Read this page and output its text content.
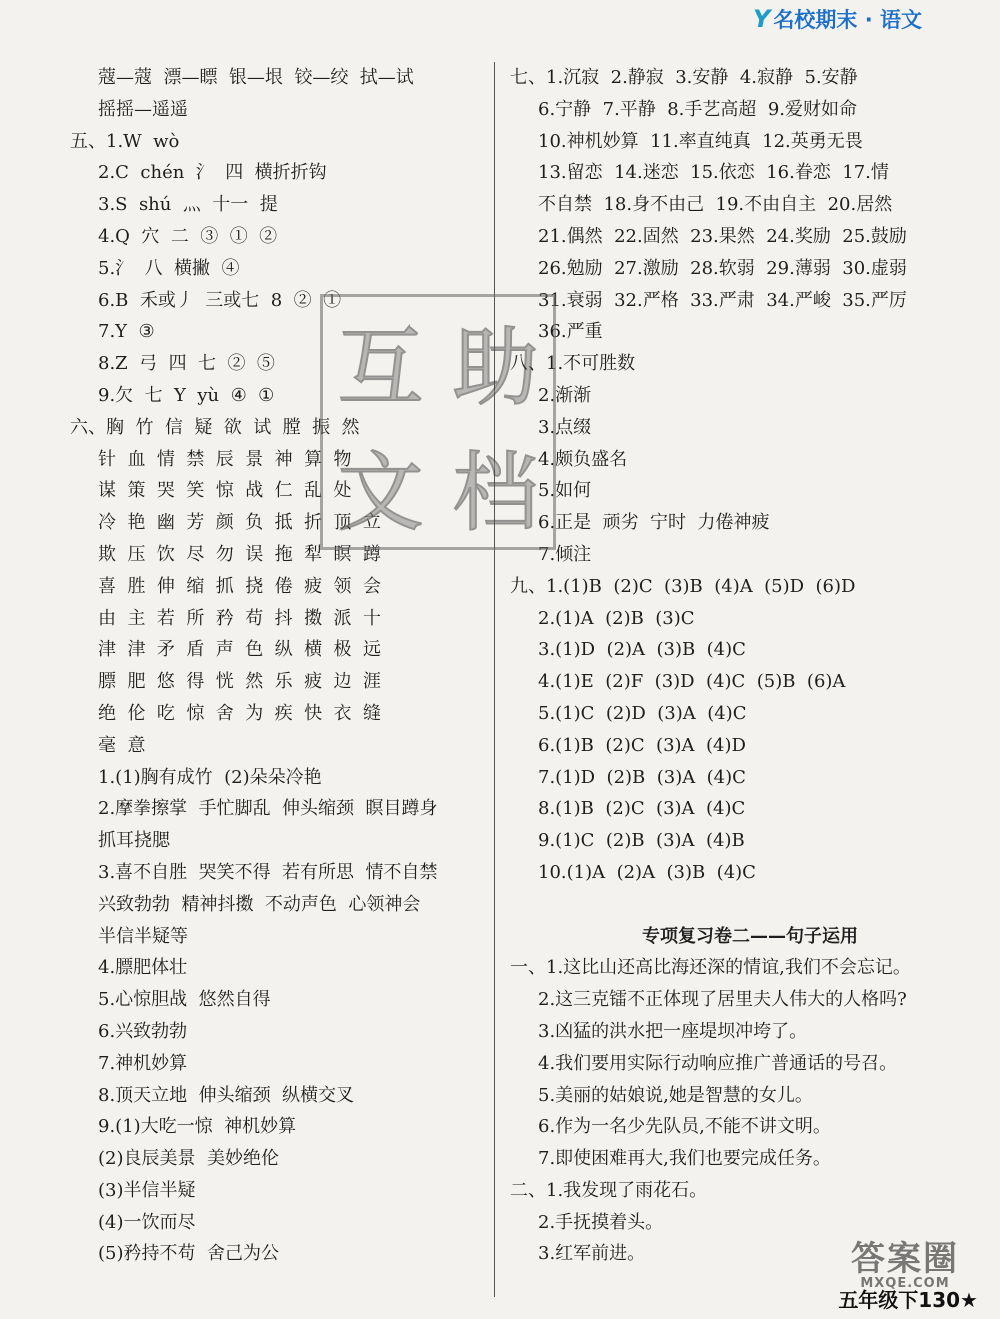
Y 名校期末 · 语文
蔻—蔻  漂—瞟  银—垠  铰—绞  拭—试
摇摇—遥遥
五、1.W  wò
2.C  chén  氵  四  横折折钩
3.S  shú  灬  十一  提
4.Q  穴  二  ③  ①  ②
5.氵  八  横撇  ④
6.B  禾或丿  三或七  8  ②  ①
7.Y  ③
8.Z  弓  四  七  ②  ⑤
9.欠  七  Y  yù  ④  ①
六、胸  竹  信  疑  欲  试  膛  振  然
针  血  情  禁  辰  景  神  算  物
谋  策  哭  笑  惊  战  仁  乱  处
冷  艳  幽  芳  颜  负  抵  折  顶  立
欺  压  饮  尽  勿  误  拖  犁  瞑  蹲
喜  胜  伸  缩  抓  挠  倦  疲  领  会
由  主  若  所  矜  苟  抖  擞  派  十
津  津  矛  盾  声  色  纵  横  极  远
膘  肥  悠  得  恍  然  乐  疲  边  涯
绝  伦  吃  惊  舍  为  疾  快  衣  缝
毫  意
1.(1)胸有成竹  (2)朵朵冷艳
2.摩拳擦掌  手忙脚乱  伸头缩颈  瞑目蹲身
抓耳挠腮
3.喜不自胜  哭笑不得  若有所思  情不自禁
兴致勃勃  精神抖擞  不动声色  心领神会
半信半疑等
4.膘肥体壮
5.心惊胆战  悠然自得
6.兴致勃勃
7.神机妙算
8.顶天立地  伸头缩颈  纵横交叉
9.(1)大吃一惊  神机妙算
(2)良辰美景  美妙绝伦
(3)半信半疑
(4)一饮而尽
(5)矜持不苟  舍己为公
七、1.沉寂  2.静寂  3.安静  4.寂静  5.安静
6.宁静  7.平静  8.手艺高超  9.爱财如命
10.神机妙算  11.率直纯真  12.英勇无畏
13.留恋  14.迷恋  15.依恋  16.眷恋  17.情
不自禁  18.身不由己  19.不由自主  20.居然
21.偶然  22.固然  23.果然  24.奖励  25.鼓励
26.勉励  27.激励  28.软弱  29.薄弱  30.虚弱
31.衰弱  32.严格  33.严肃  34.严峻  35.严厉
36.严重
八、1.不可胜数
2.渐渐
3.点缀
4.颇负盛名
5.如何
6.正是  顽劣  宁时  力倦神疲
7.倾注
九、1.(1)B  (2)C  (3)B  (4)A  (5)D  (6)D
2.(1)A  (2)B  (3)C
3.(1)D  (2)A  (3)B  (4)C
4.(1)E  (2)F  (3)D  (4)C  (5)B  (6)A
5.(1)C  (2)D  (3)A  (4)C
6.(1)B  (2)C  (3)A  (4)D
7.(1)D  (2)B  (3)A  (4)C
8.(1)B  (2)C  (3)A  (4)C
9.(1)C  (2)B  (3)A  (4)B
10.(1)A  (2)A  (3)B  (4)C
专项复习卷二——句子运用
一、1.这比山还高比海还深的情谊,我们不会忘记。
2.这三克镭不正体现了居里夫人伟大的人格吗?
3.凶猛的洪水把一座堤坝冲垮了。
4.我们要用实际行动响应推广普通话的号召。
5.美丽的姑娘说,她是智慧的女儿。
6.作为一名少先队员,不能不讲文明。
7.即使困难再大,我们也要完成任务。
二、1.我发现了雨花石。
2.手抚摸着头。
3.红军前进。
互 助
文 档
答案圈
MXQE.COM
五年级下130★
